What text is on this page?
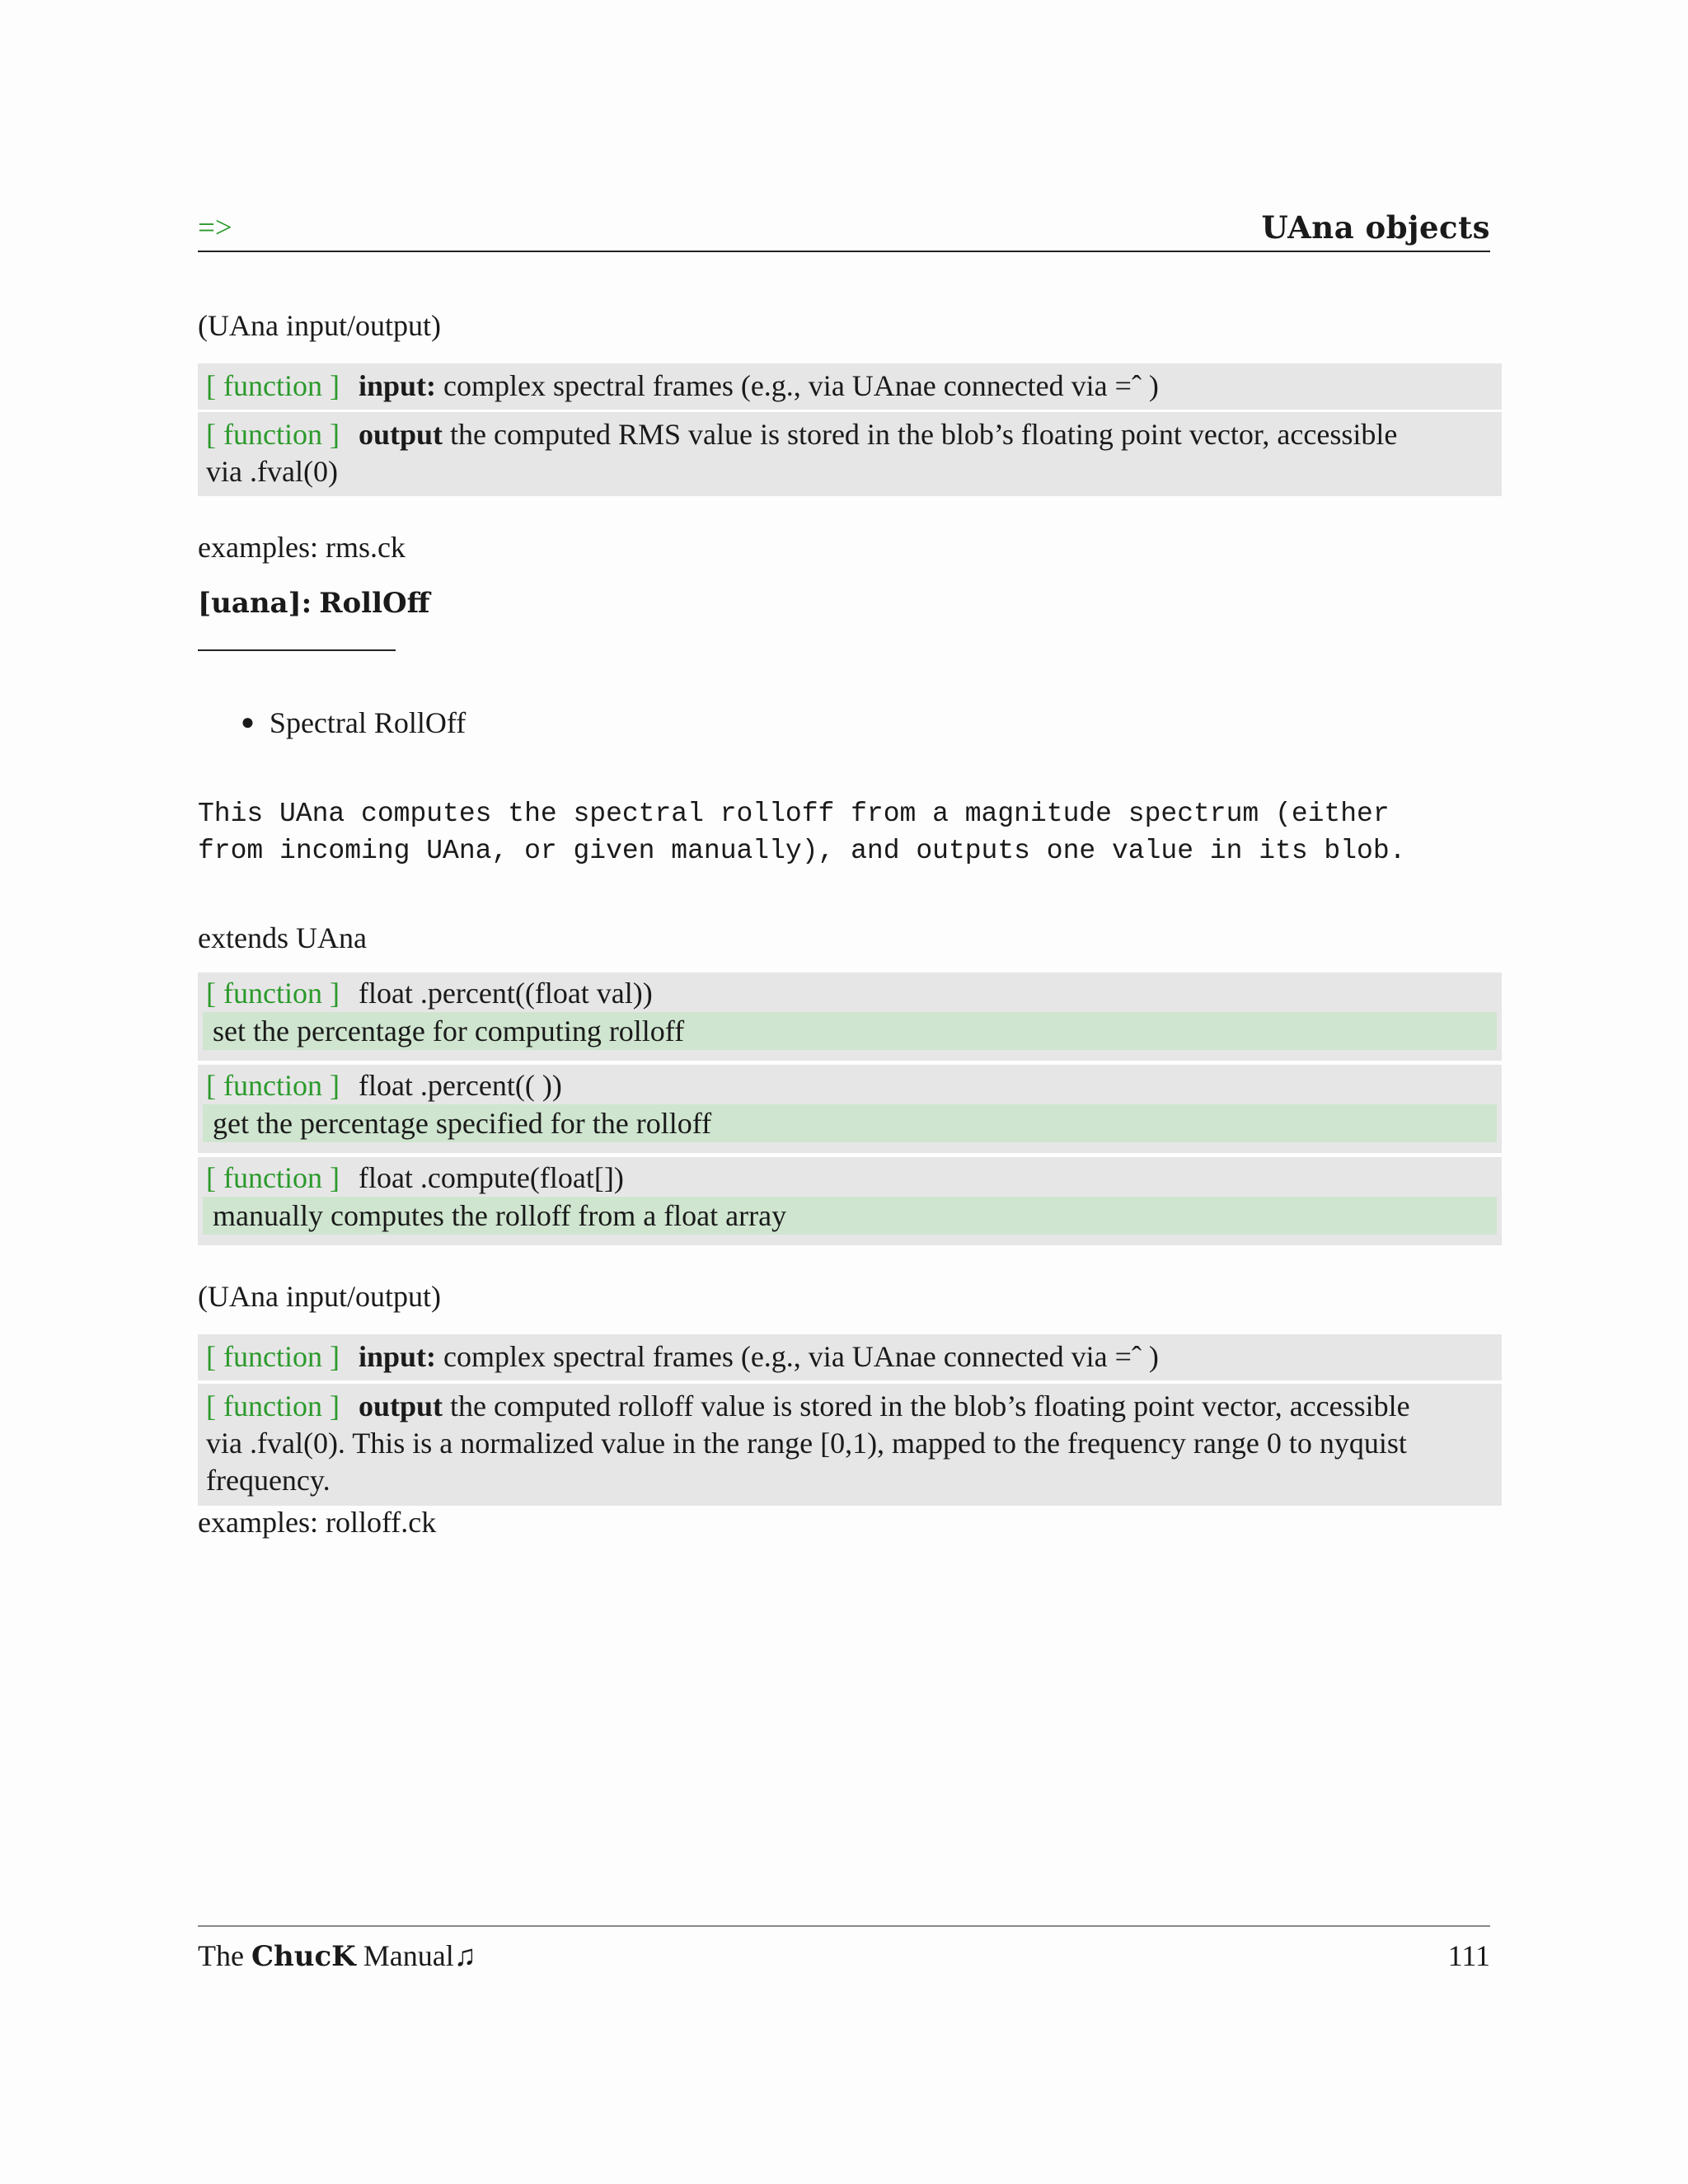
=>	UAna objects
(UAna input/output)
[ function ] input: complex spectral frames (e.g., via UAnae connected via =ˆ )
[ function ] output the computed RMS value is stored in the blob’s floating point vector, accessible
via .fval(0)
examples: rms.ck
[uana]: RollOff
● Spectral RollOff
This UAna computes the spectral rolloff from a magnitude spectrum (either
from incoming UAna, or given manually), and outputs one value in its blob.
extends UAna
[ function ] float .percent((float val))
set the percentage for computing rolloff
[ function ] float .percent(( ))
get the percentage specified for the rolloff
[ function ] float .compute(float[])
manually computes the rolloff from a float array
(UAna input/output)
[ function ] input: complex spectral frames (e.g., via UAnae connected via =ˆ )
[ function ] output the computed rolloff value is stored in the blob’s floating point vector, accessible
via .fval(0). This is a normalized value in the range [0,1), mapped to the frequency range 0 to nyquist
frequency.
examples: rolloff.ck
The ChucK Manual♫	111
